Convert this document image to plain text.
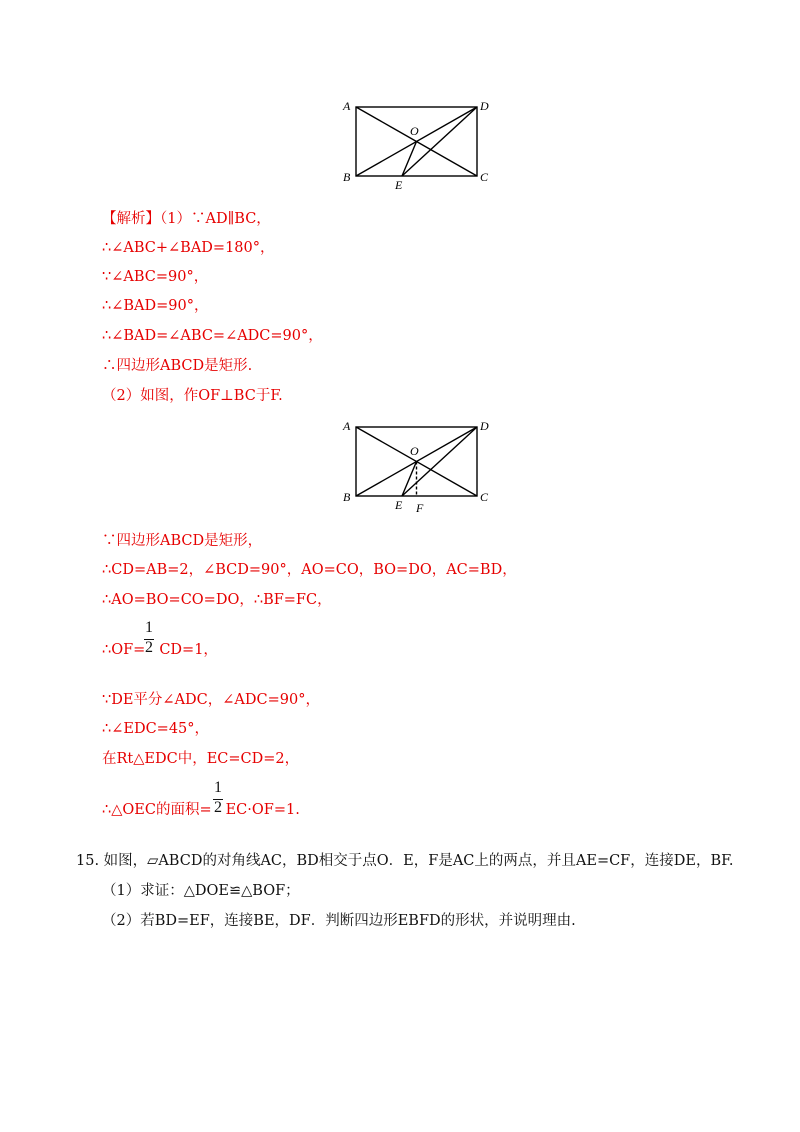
A
B	C
D
O
E
【解析】（1）∵AD∥BC，
∴∠ABC+∠BAD=180°，
∵∠ABC=90°，
∴∠BAD=90°，
∴∠BAD=∠ABC=∠ADC=90°，
∴四边形ABCD是矩形.
（2）如图，作OF⊥BC于F.
A
B	C
D
O
E F
∵四边形ABCD是矩形，
∴CD=AB=2，∠BCD=90°，AO=CO，BO=DO，AC=BD，
∴AO=BO=CO=DO，∴BF=FC，
∴OF= CD=1，
1
2
∵DE平分∠ADC，∠ADC=90°，
∴∠EDC=45°，
在Rt△EDC中，EC=CD=2，
∴△OEC的面积= EC·OF=1.
1
2
15. 如图，▱ABCD的对角线AC，BD相交于点O．E，F是AC上的两点，并且AE=CF，连接DE，BF.
（1）求证：△DOE≌△BOF；
（2）若BD=EF，连接BE，DF．判断四边形EBFD的形状，并说明理由.
